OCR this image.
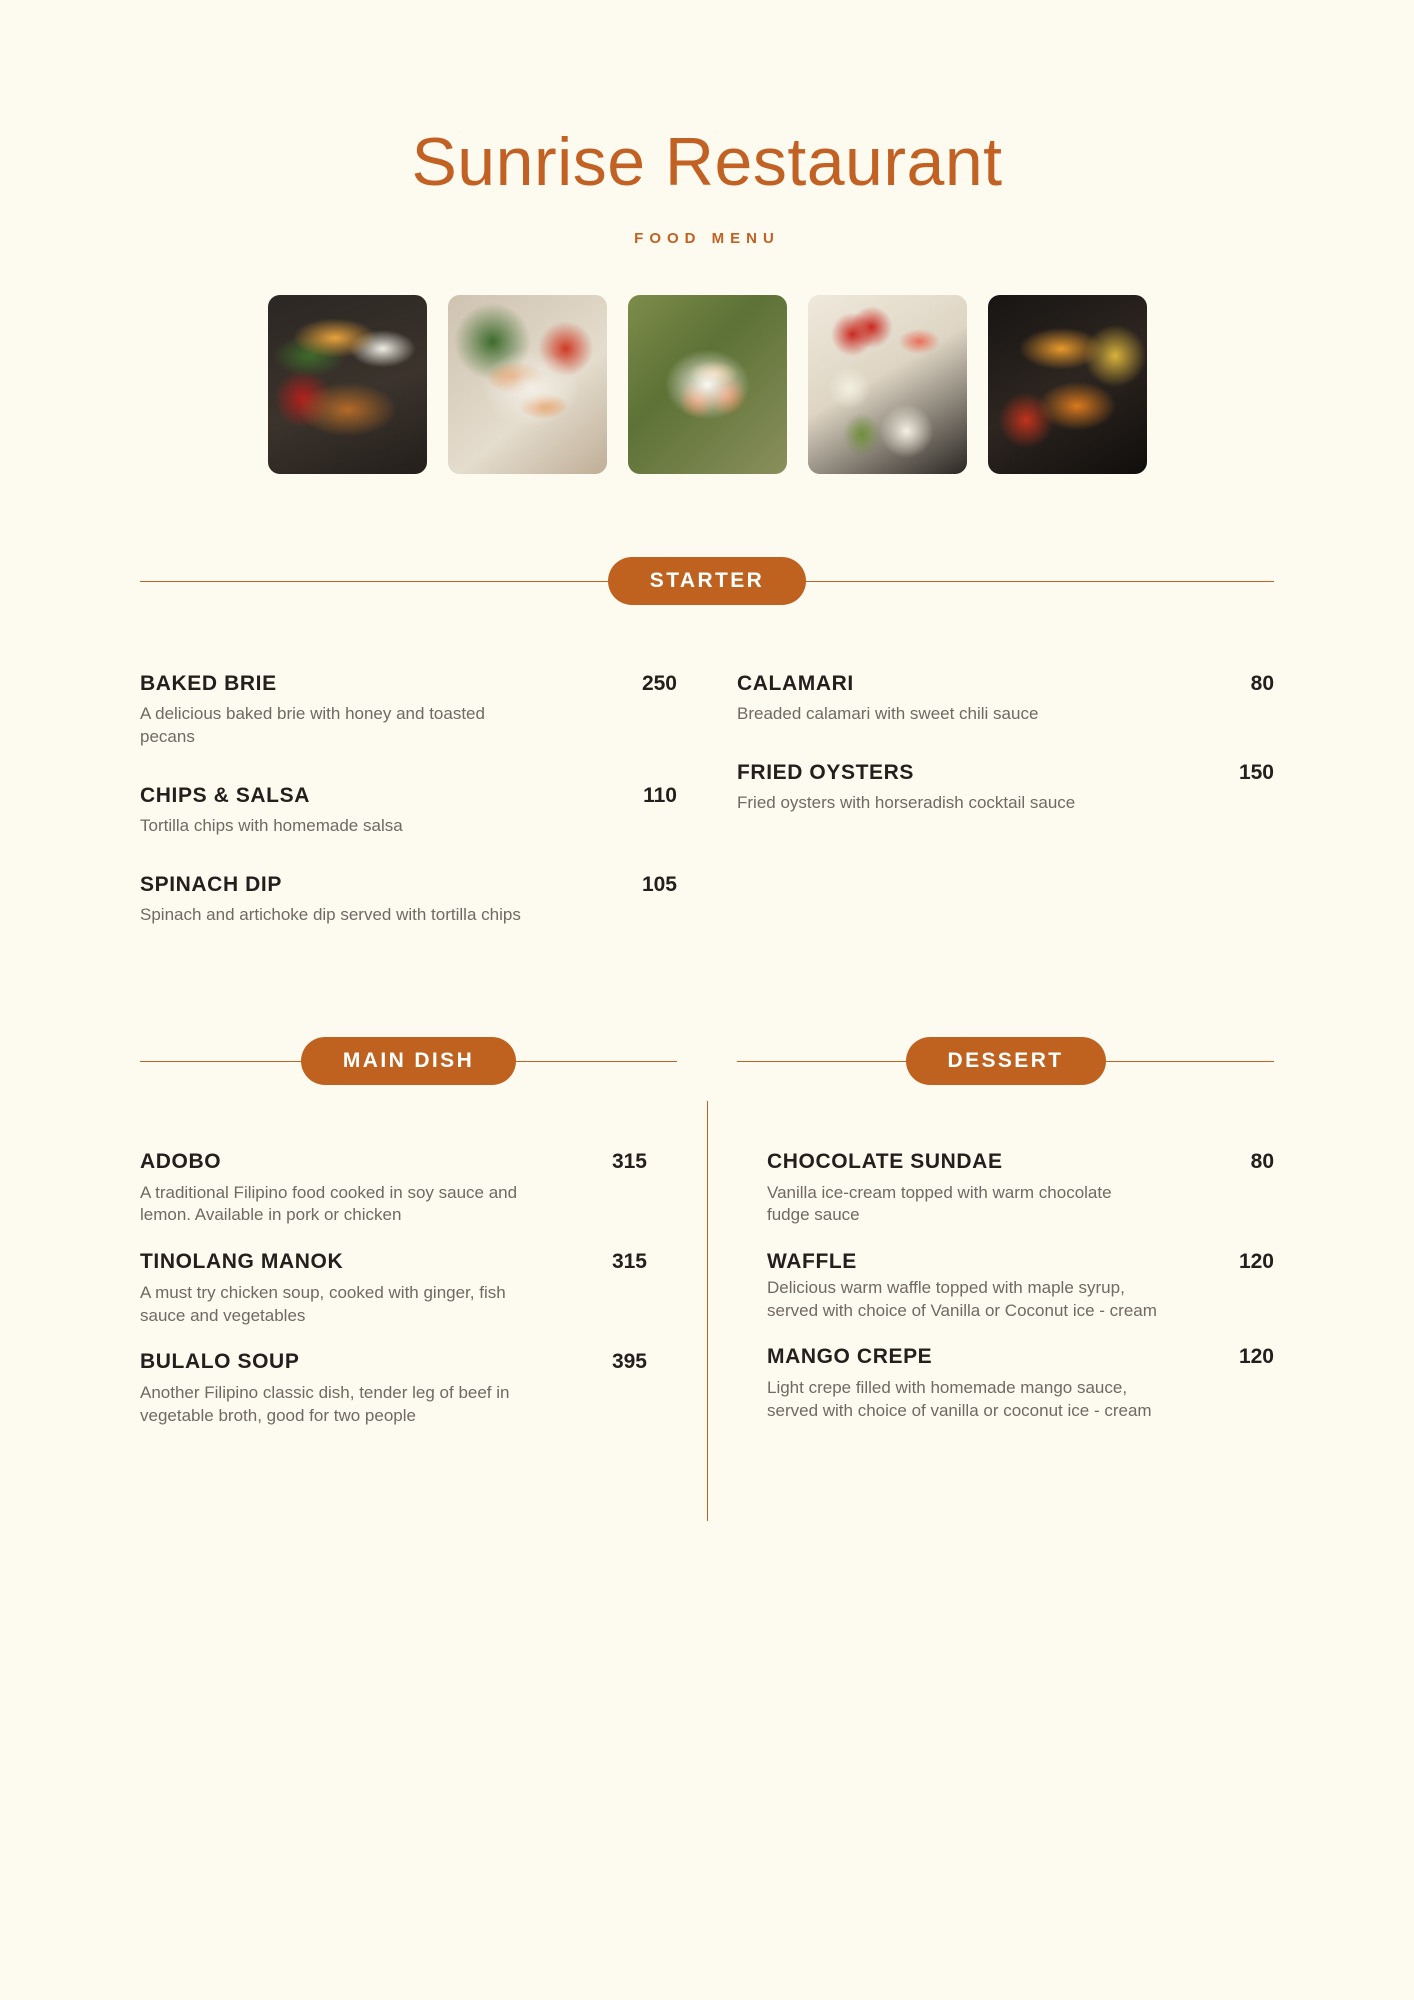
Sunrise Restaurant
FOOD MENU
STARTER
BAKED BRIE	250
A delicious baked brie with honey and toasted pecans
CHIPS & SALSA	110
Tortilla chips with homemade salsa
SPINACH DIP	105
Spinach and artichoke dip served with tortilla chips
CALAMARI	80
Breaded calamari with sweet chili sauce
FRIED OYSTERS	150
Fried oysters with horseradish cocktail sauce
MAIN DISH	DESSERT
ADOBO	315
A traditional Filipino food cooked in soy sauce and lemon. Available in pork or chicken
TINOLANG MANOK	315
A must try chicken soup, cooked with ginger, fish sauce and vegetables
BULALO SOUP	395
Another Filipino classic dish, tender leg of beef in vegetable broth, good for two people
CHOCOLATE SUNDAE	80
Vanilla ice-cream topped with warm chocolate fudge sauce
WAFFLE	120
Delicious warm waffle topped with maple syrup, served with choice of Vanilla or Coconut ice - cream
MANGO CREPE	120
Light crepe filled with homemade mango sauce, served with choice of vanilla or coconut ice - cream
